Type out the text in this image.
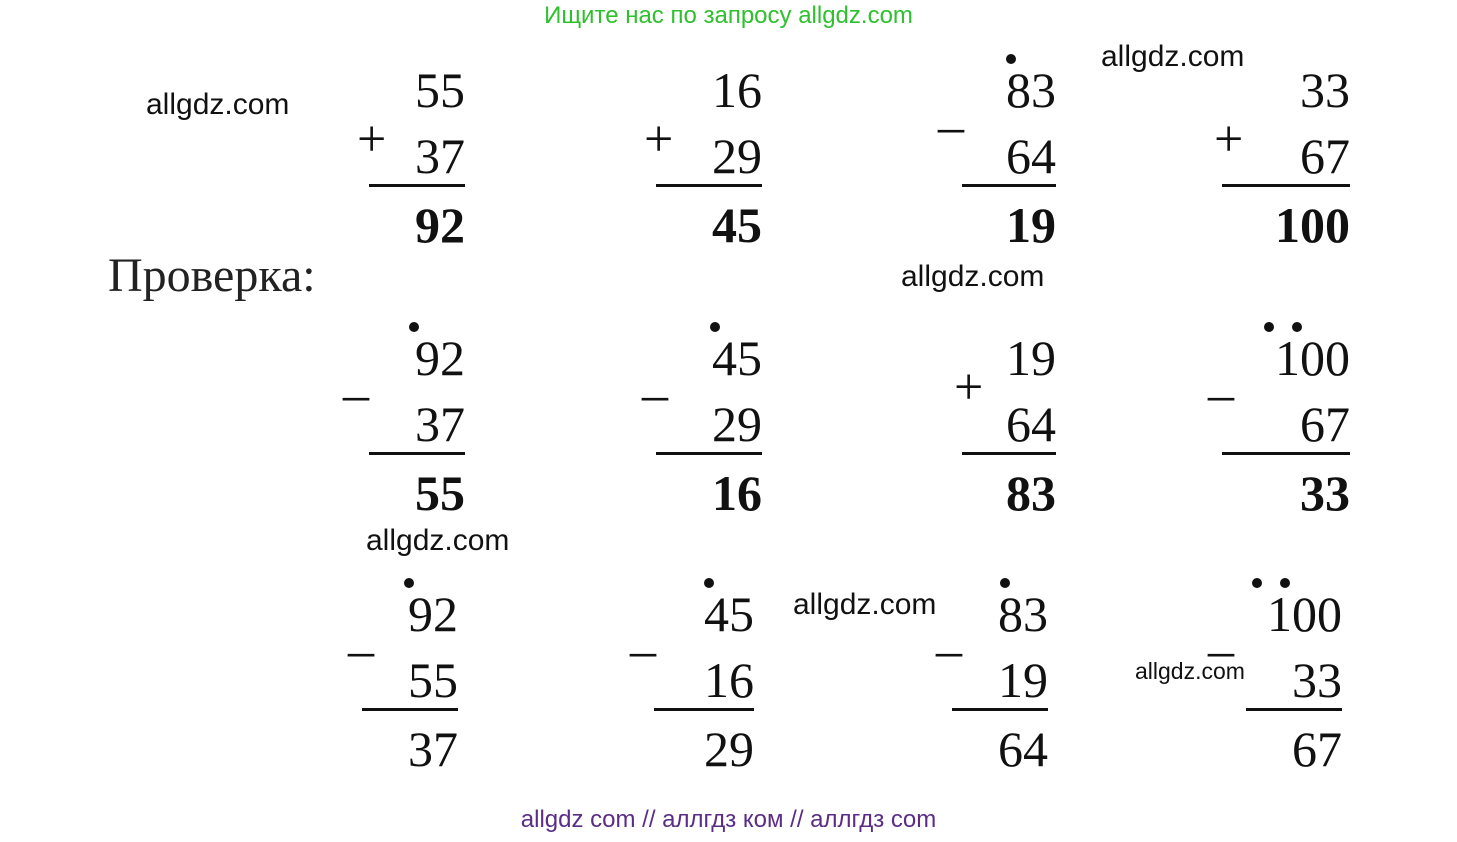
Ищите нас по запросу allgdz.com
allgdz.com
allgdz.com
allgdz.com
allgdz.com
allgdz.com
allgdz.com
Проверка:
+
55
37
92
+
16
29
45
_ 83
64
19
+
33
67
100
_ 92
37
55
_ 45
29
16
+
19
64
83
_ 100
67
33
_ 92
55
37
_ 45
16
29
_ 83
19
64
_ 100
33
67
allgdz com // аллгдз ком // аллгдз com
